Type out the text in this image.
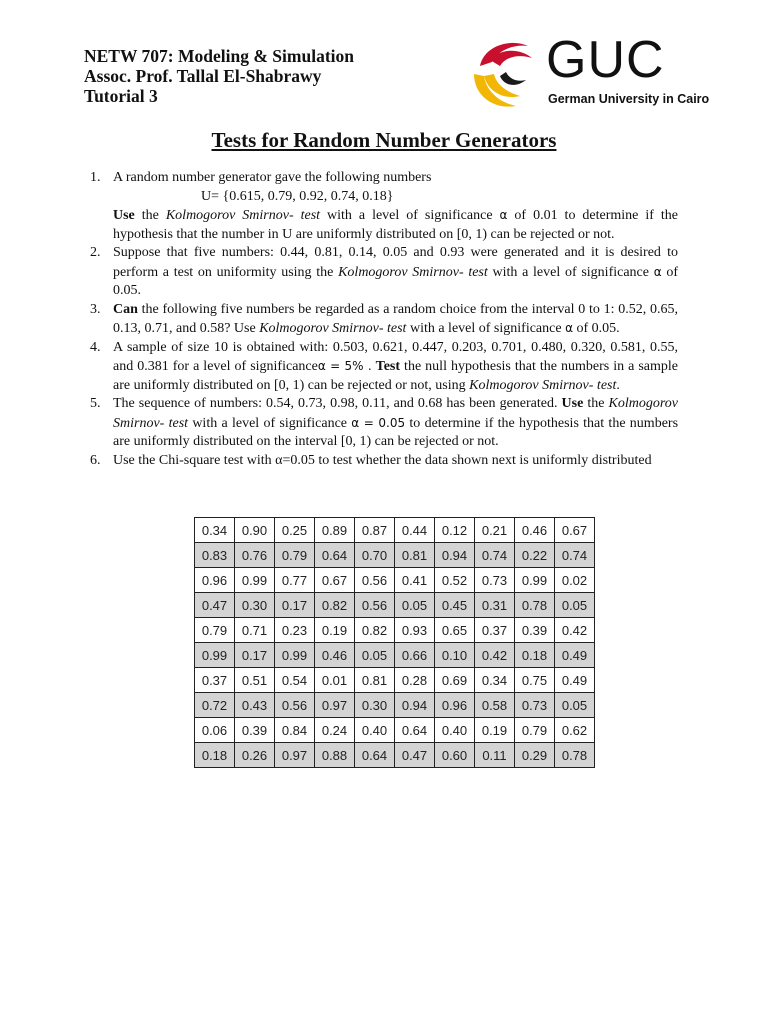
NETW 707: Modeling & Simulation
Assoc. Prof. Tallal El-Shabrawy
Tutorial 3
GUC
German University in Cairo
Tests for Random Number Generators
1. A random number generator gave the following numbers
U= {0.615, 0.79, 0.92, 0.74, 0.18}
Use the Kolmogorov Smirnov- test with a level of significance α of 0.01 to determine if the hypothesis that the number in U are uniformly distributed on [0, 1) can be rejected or not.
2. Suppose that five numbers: 0.44, 0.81, 0.14, 0.05 and 0.93 were generated and it is desired to perform a test on uniformity using the Kolmogorov Smirnov- test with a level of significance α of 0.05.
3. Can the following five numbers be regarded as a random choice from the interval 0 to 1: 0.52, 0.65, 0.13, 0.71, and 0.58? Use Kolmogorov Smirnov- test with a level of significance α of 0.05.
4. A sample of size 10 is obtained with: 0.503, 0.621, 0.447, 0.203, 0.701, 0.480, 0.320, 0.581, 0.55, and 0.381 for a level of significanceα = 5% . Test the null hypothesis that the numbers in a sample are uniformly distributed on [0, 1) can be rejected or not, using Kolmogorov Smirnov- test.
5. The sequence of numbers: 0.54, 0.73, 0.98, 0.11, and 0.68 has been generated. Use the Kolmogorov Smirnov- test with a level of significance α = 0.05 to determine if the hypothesis that the numbers are uniformly distributed on the interval [0, 1) can be rejected or not.
6. Use the Chi-square test with α=0.05 to test whether the data shown next is uniformly distributed
0.34	0.90	0.25	0.89	0.87	0.44	0.12	0.21	0.46	0.67
0.83	0.76	0.79	0.64	0.70	0.81	0.94	0.74	0.22	0.74
0.96	0.99	0.77	0.67	0.56	0.41	0.52	0.73	0.99	0.02
0.47	0.30	0.17	0.82	0.56	0.05	0.45	0.31	0.78	0.05
0.79	0.71	0.23	0.19	0.82	0.93	0.65	0.37	0.39	0.42
0.99	0.17	0.99	0.46	0.05	0.66	0.10	0.42	0.18	0.49
0.37	0.51	0.54	0.01	0.81	0.28	0.69	0.34	0.75	0.49
0.72	0.43	0.56	0.97	0.30	0.94	0.96	0.58	0.73	0.05
0.06	0.39	0.84	0.24	0.40	0.64	0.40	0.19	0.79	0.62
0.18	0.26	0.97	0.88	0.64	0.47	0.60	0.11	0.29	0.78
